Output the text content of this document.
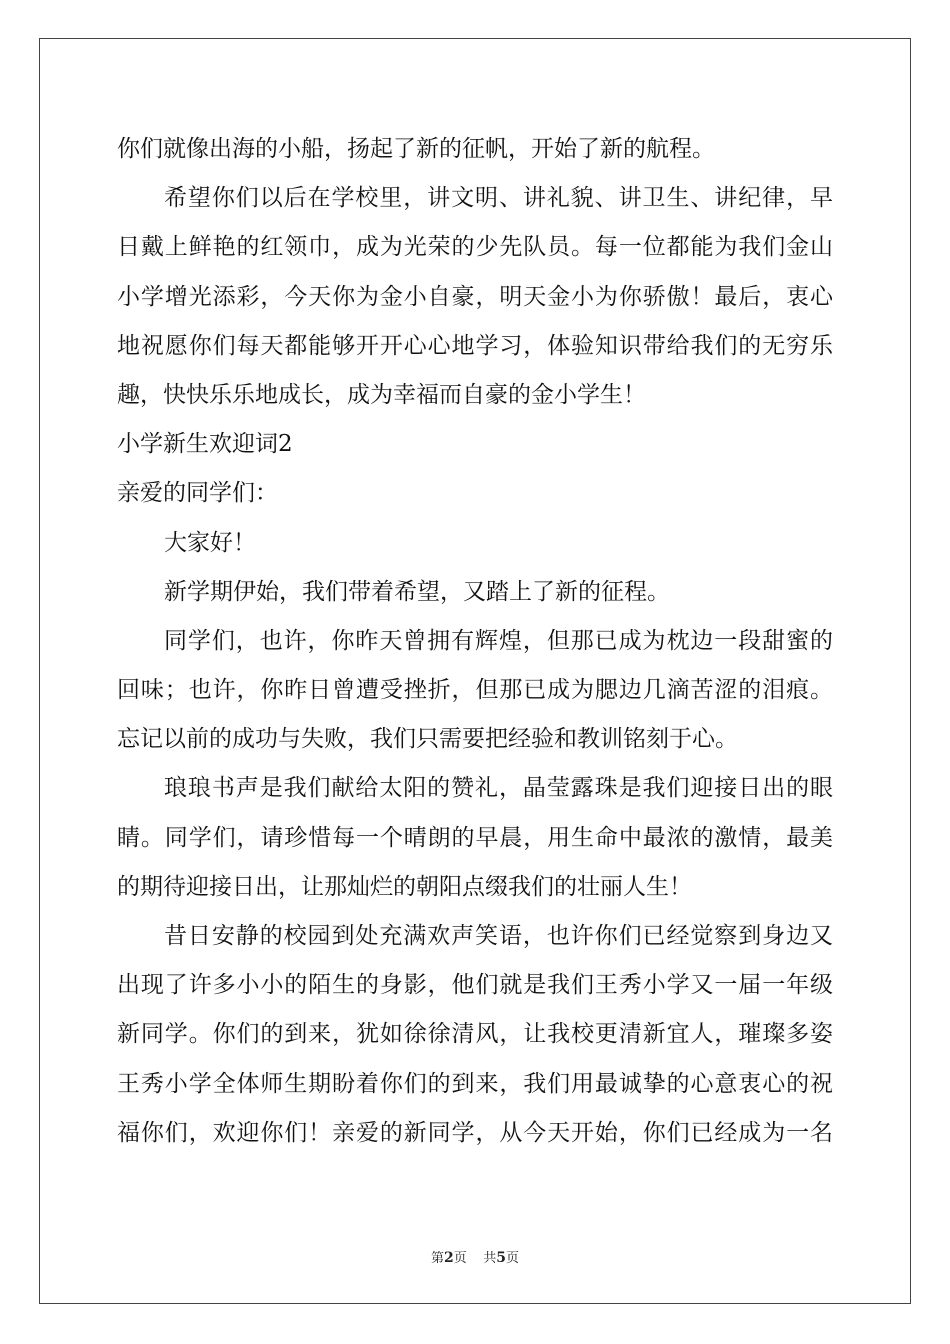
你们就像出海的小船，扬起了新的征帆，开始了新的航程。
希望你们以后在学校里，讲文明、讲礼貌、讲卫生、讲纪律，早
日戴上鲜艳的红领巾，成为光荣的少先队员。每一位都能为我们金山
小学增光添彩，今天你为金小自豪，明天金小为你骄傲！最后，衷心
地祝愿你们每天都能够开开心心地学习，体验知识带给我们的无穷乐
趣，快快乐乐地成长，成为幸福而自豪的金小学生！
小学新生欢迎词2
亲爱的同学们：
大家好！
新学期伊始，我们带着希望，又踏上了新的征程。
同学们，也许，你昨天曾拥有辉煌，但那已成为枕边一段甜蜜的
回味；也许，你昨日曾遭受挫折，但那已成为腮边几滴苦涩的泪痕。
忘记以前的成功与失败，我们只需要把经验和教训铭刻于心。
琅琅书声是我们献给太阳的赞礼，晶莹露珠是我们迎接日出的眼
睛。同学们，请珍惜每一个晴朗的早晨，用生命中最浓的激情，最美
的期待迎接日出，让那灿烂的朝阳点缀我们的壮丽人生！
昔日安静的校园到处充满欢声笑语，也许你们已经觉察到身边又
出现了许多小小的陌生的身影，他们就是我们王秀小学又一届一年级
新同学。你们的到来，犹如徐徐清风，让我校更清新宜人，璀璨多姿
王秀小学全体师生期盼着你们的到来，我们用最诚挚的心意衷心的祝
福你们，欢迎你们！亲爱的新同学，从今天开始，你们已经成为一名
第2页 共5页
